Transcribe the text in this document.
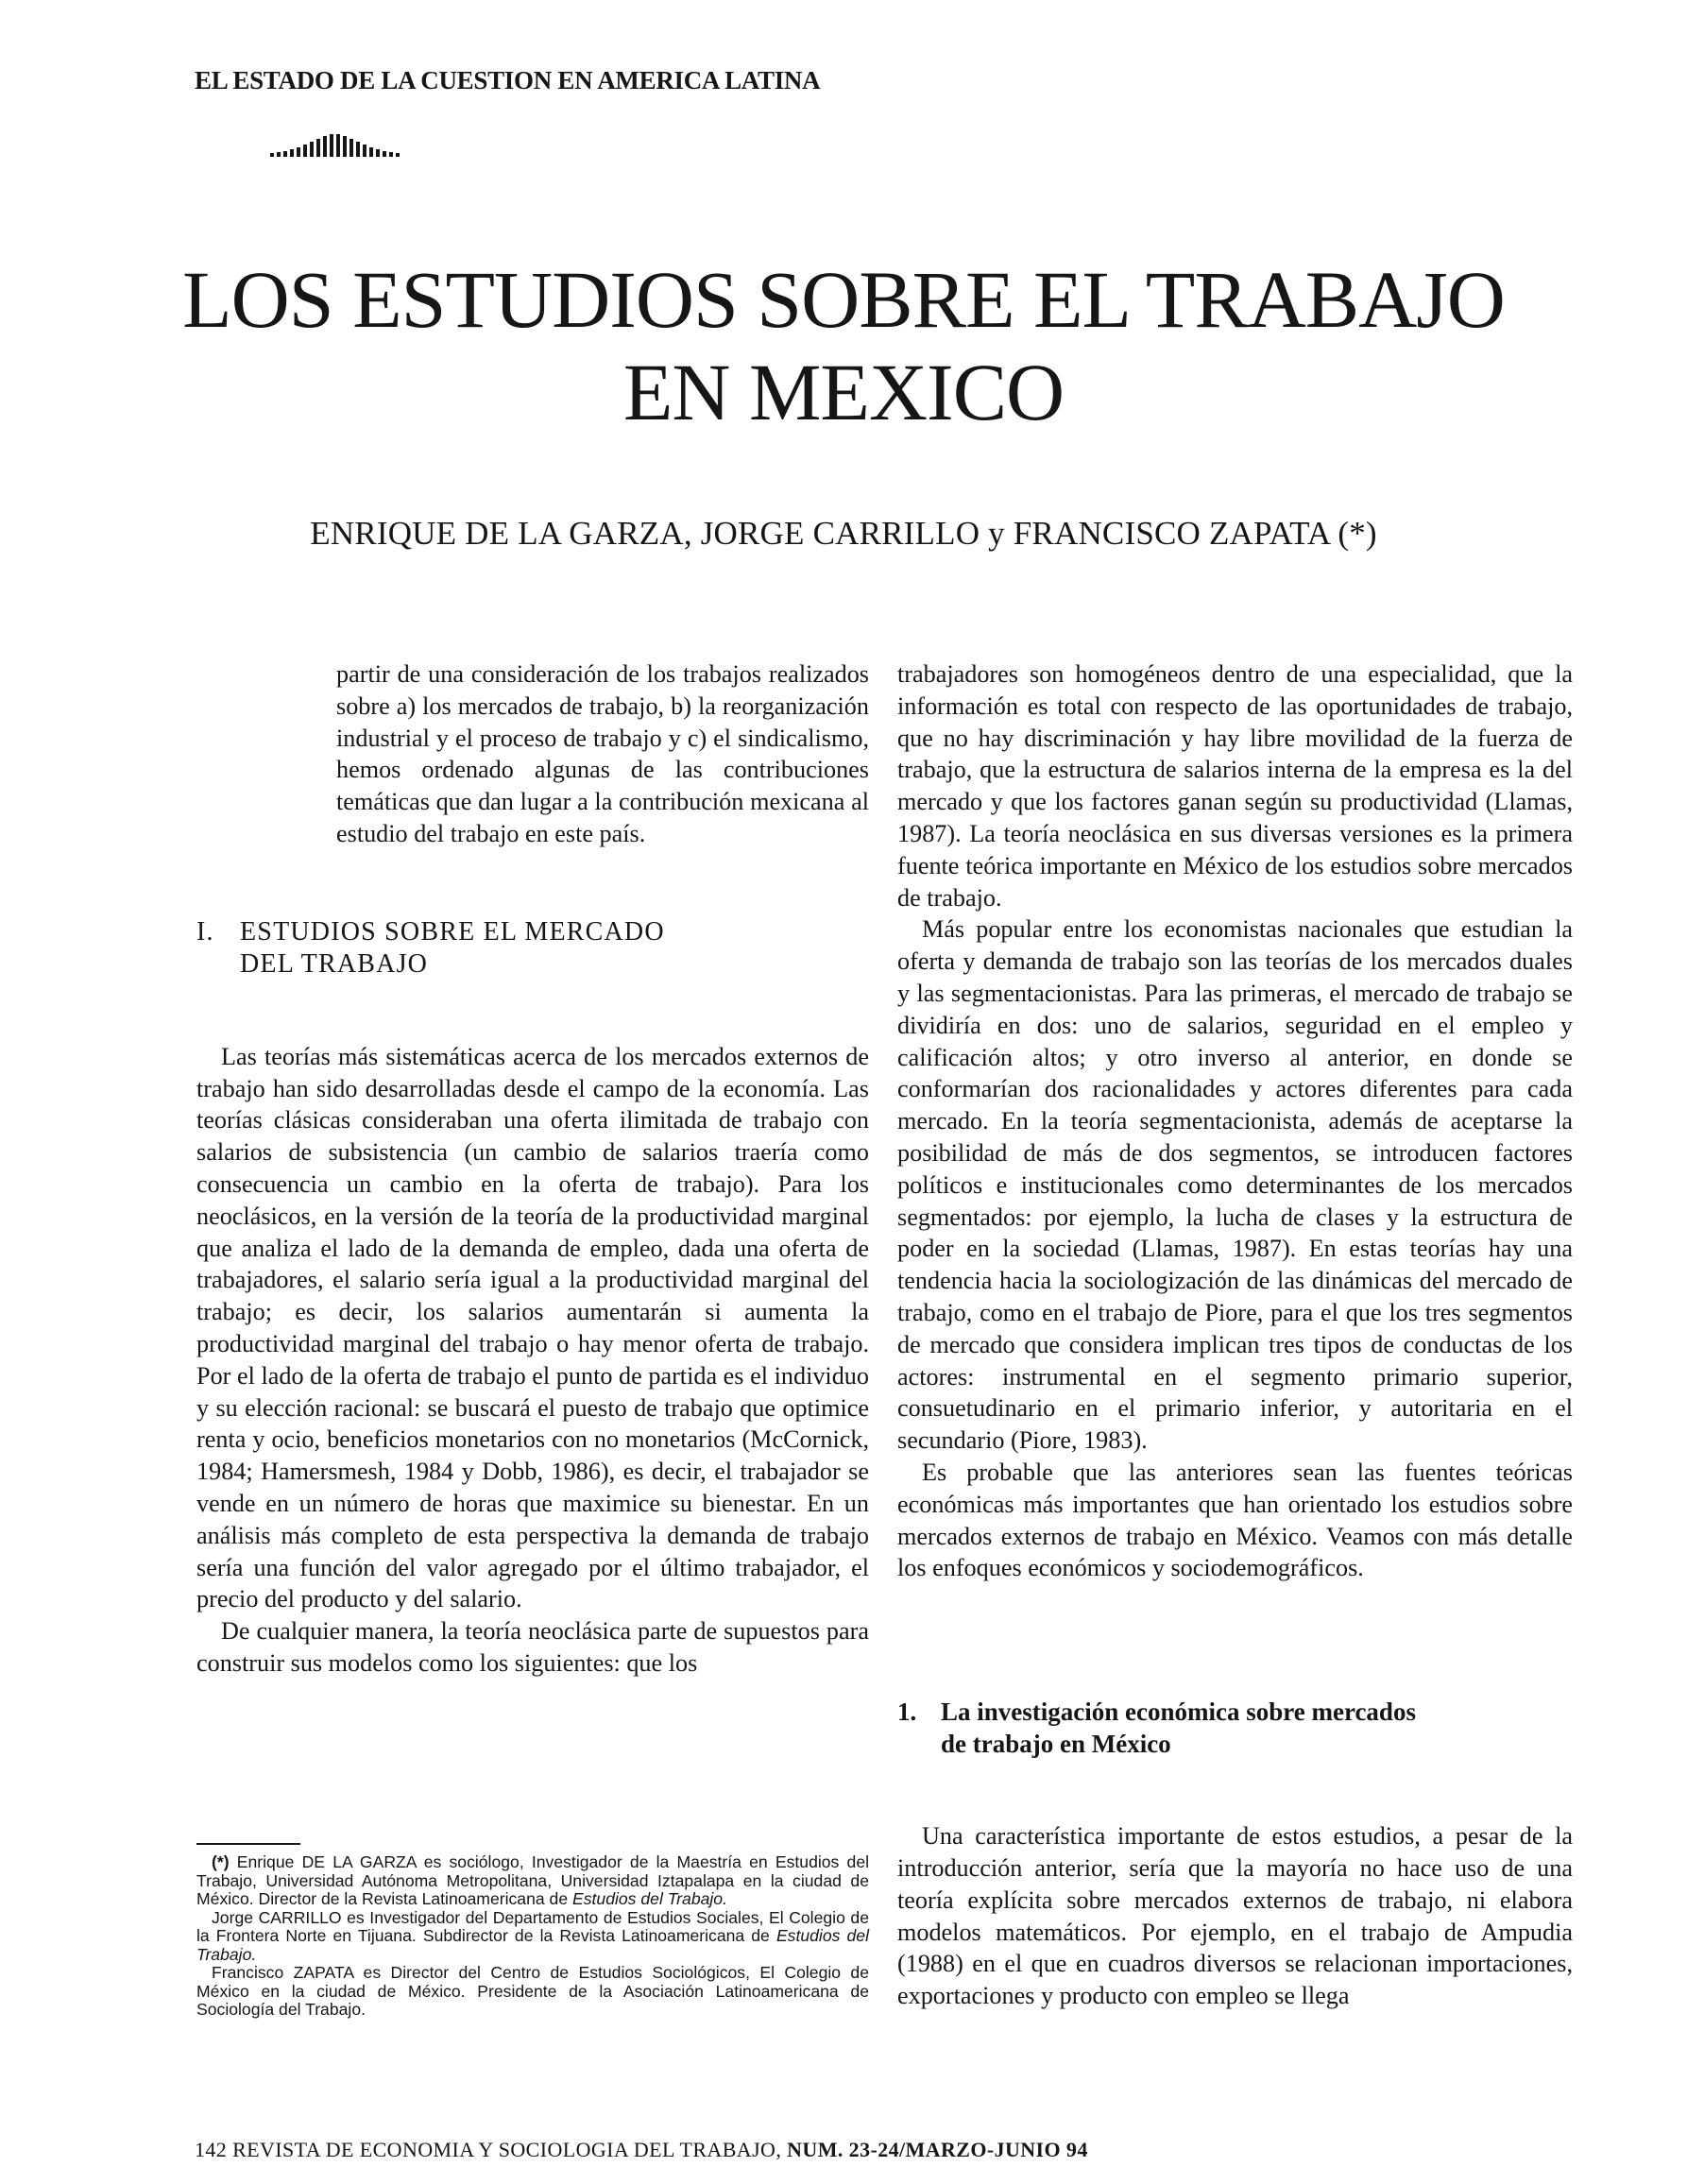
EL ESTADO DE LA CUESTION EN AMERICA LATINA
LOS ESTUDIOS SOBRE EL TRABAJO
EN MEXICO
ENRIQUE DE LA GARZA, JORGE CARRILLO y FRANCISCO ZAPATA (*)

partir de una consideración de los trabajos realizados sobre a) los mercados de trabajo, b) la reorganización industrial y el proceso de trabajo y c) el sindicalismo, hemos ordenado algunas de las contribuciones temáticas que dan lugar a la contribución mexicana al estudio del trabajo en este país.

I. ESTUDIOS SOBRE EL MERCADO
DEL TRABAJO

Las teorías más sistemáticas acerca de los mercados externos de trabajo han sido desarrolladas desde el campo de la economía. Las teorías clásicas consideraban una oferta ilimitada de trabajo con salarios de subsistencia (un cambio de salarios traería como consecuencia un cambio en la oferta de trabajo). Para los neoclásicos, en la versión de la teoría de la productividad marginal que analiza el lado de la demanda de empleo, dada una oferta de trabajadores, el salario sería igual a la productividad marginal del trabajo; es decir, los salarios aumentarán si aumenta la productividad marginal del trabajo o hay menor oferta de trabajo. Por el lado de la oferta de trabajo el punto de partida es el individuo y su elección racional: se buscará el puesto de trabajo que optimice renta y ocio, beneficios monetarios con no monetarios (McCornick, 1984; Hamersmesh, 1984 y Dobb, 1986), es decir, el trabajador se vende en un número de horas que maximice su bienestar. En un análisis más completo de esta perspectiva la demanda de trabajo sería una función del valor agregado por el último trabajador, el precio del producto y del salario.

De cualquier manera, la teoría neoclásica parte de supuestos para construir sus modelos como los siguientes: que los

trabajadores son homogéneos dentro de una especialidad, que la información es total con respecto de las oportunidades de trabajo, que no hay discriminación y hay libre movilidad de la fuerza de trabajo, que la estructura de salarios interna de la empresa es la del mercado y que los factores ganan según su productividad (Llamas, 1987). La teoría neoclásica en sus diversas versiones es la primera fuente teórica importante en México de los estudios sobre mercados de trabajo.

Más popular entre los economistas nacionales que estudian la oferta y demanda de trabajo son las teorías de los mercados duales y las segmentacionistas. Para las primeras, el mercado de trabajo se dividiría en dos: uno de salarios, seguridad en el empleo y calificación altos; y otro inverso al anterior, en donde se conformarían dos racionalidades y actores diferentes para cada mercado. En la teoría segmentacionista, además de aceptarse la posibilidad de más de dos segmentos, se introducen factores políticos e institucionales como determinantes de los mercados segmentados: por ejemplo, la lucha de clases y la estructura de poder en la sociedad (Llamas, 1987). En estas teorías hay una tendencia hacia la sociologización de las dinámicas del mercado de trabajo, como en el trabajo de Piore, para el que los tres segmentos de mercado que considera implican tres tipos de conductas de los actores: instrumental en el segmento primario superior, consuetudinario en el primario inferior, y autoritaria en el secundario (Piore, 1983).

Es probable que las anteriores sean las fuentes teóricas económicas más importantes que han orientado los estudios sobre mercados externos de trabajo en México. Veamos con más detalle los enfoques económicos y sociodemográficos.

1. La investigación económica sobre mercados
de trabajo en México

Una característica importante de estos estudios, a pesar de la introducción anterior, sería que la mayoría no hace uso de una teoría explícita sobre mercados externos de trabajo, ni elabora modelos matemáticos. Por ejemplo, en el trabajo de Ampudia (1988) en el que en cuadros diversos se relacionan importaciones, exportaciones y producto con empleo se llega

(*) Enrique DE LA GARZA es sociólogo, Investigador de la Maestría en Estudios del Trabajo, Universidad Autónoma Metropolitana, Universidad Iztapalapa en la ciudad de México. Director de la Revista Latinoamericana de Estudios del Trabajo.

Jorge CARRILLO es Investigador del Departamento de Estudios Sociales, El Colegio de la Frontera Norte en Tijuana. Subdirector de la Revista Latinoamericana de Estudios del Trabajo.

Francisco ZAPATA es Director del Centro de Estudios Sociológicos, El Colegio de México en la ciudad de México. Presidente de la Asociación Latinoamericana de Sociología del Trabajo.

142 REVISTA DE ECONOMIA Y SOCIOLOGIA DEL TRABAJO, NUM. 23-24/MARZO-JUNIO 94
